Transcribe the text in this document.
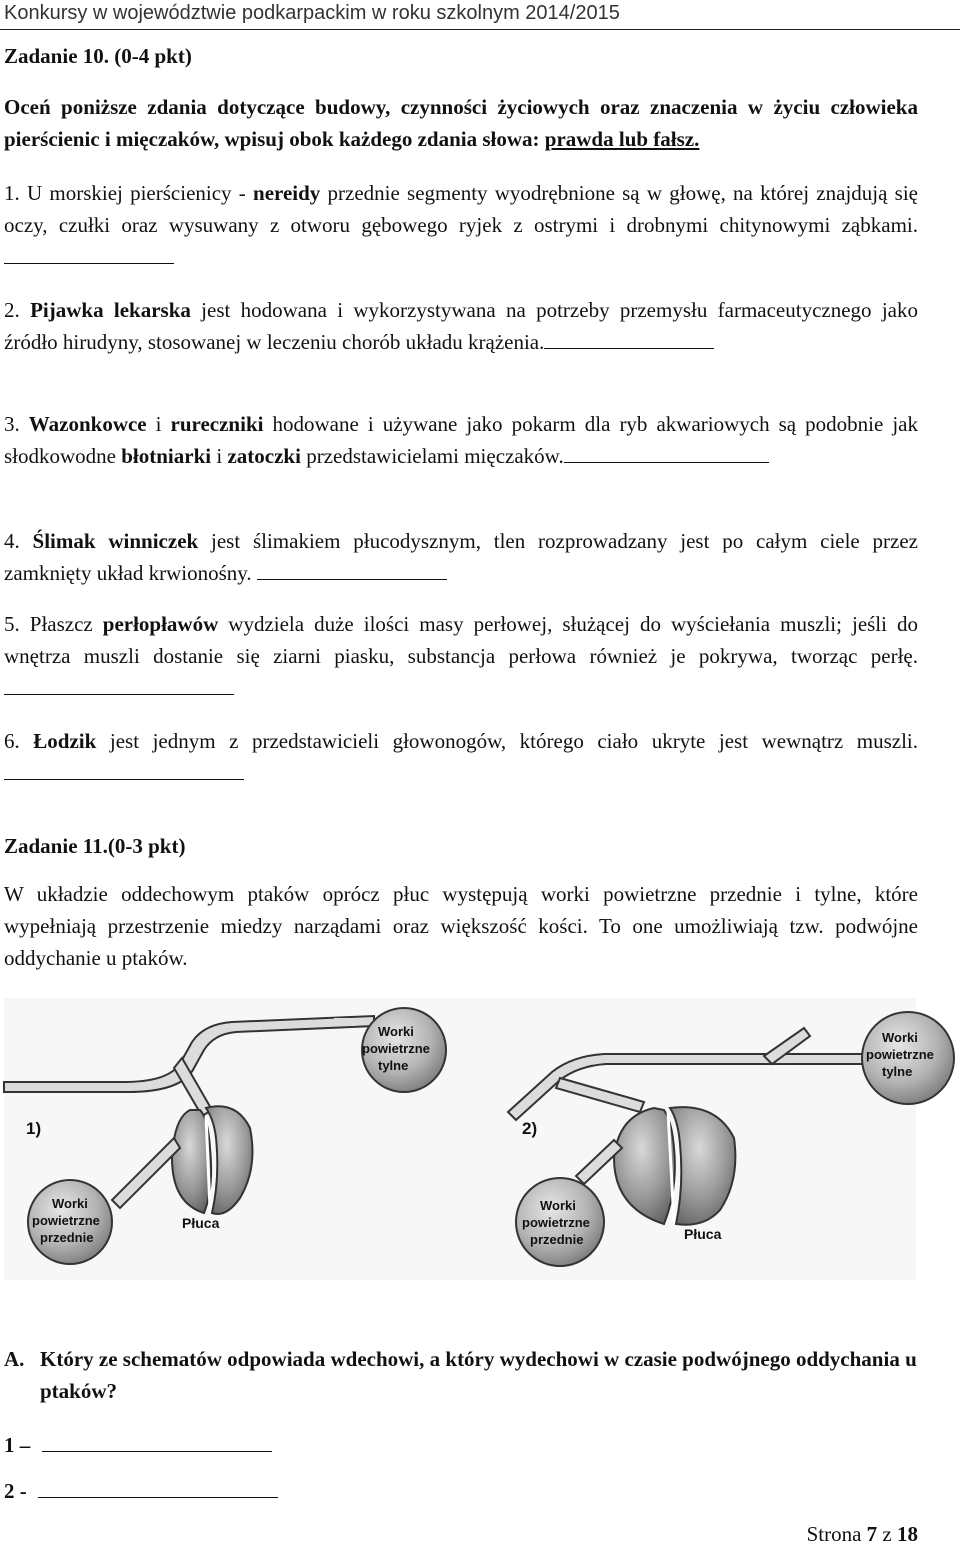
Konkursy w województwie podkarpackim w roku szkolnym 2014/2015
Zadanie 10. (0-4 pkt)
Oceń poniższe zdania dotyczące budowy, czynności życiowych oraz znaczenia w życiu człowieka pierścienic i mięczaków, wpisuj obok każdego zdania słowa: prawda lub fałsz.
1. U morskiej pierścienicy - nereidy przednie segmenty wyodrębnione są w głowę, na której znajdują się oczy, czułki oraz wysuwany z otworu gębowego ryjek z ostrymi i drobnymi chitynowymi ząbkami.
2. Pijawka lekarska jest hodowana i wykorzystywana na potrzeby przemysłu farmaceutycznego jako źródło hirudyny, stosowanej w leczeniu chorób układu krążenia.
3. Wazonkowce i rureczniki hodowane i używane jako pokarm dla ryb akwariowych są podobnie jak słodkowodne błotniarki i zatoczki przedstawicielami mięczaków.
4. Ślimak winniczek jest ślimakiem płucodysznym, tlen rozprowadzany jest po całym ciele przez zamknięty układ krwionośny.
5. Płaszcz perłopławów wydziela duże ilości masy perłowej, służącej do wyściełania muszli; jeśli do wnętrza muszli dostanie się ziarni piasku, substancja perłowa również je pokrywa, tworząc perłę.
6. Łodzik jest jednym z przedstawicieli głowonogów, którego ciało ukryte jest wewnątrz muszli.
Zadanie 11.(0-3 pkt)
W układzie oddechowym ptaków oprócz płuc występują worki powietrzne przednie i tylne, które wypełniają przestrzenie miedzy narządami oraz większość kości. To one umożliwiają tzw. podwójne oddychanie u ptaków.
Worki
powietrzne
tylne
1)
Worki
powietrzne
przednie
Płuca
Worki
powietrzne
tylne
2)
Worki
powietrzne
przednie	Płuca
A. Który ze schematów odpowiada wdechowi, a który wydechowi w czasie podwójnego oddychania u ptaków?
1 –
2 -
Strona 7 z 18
